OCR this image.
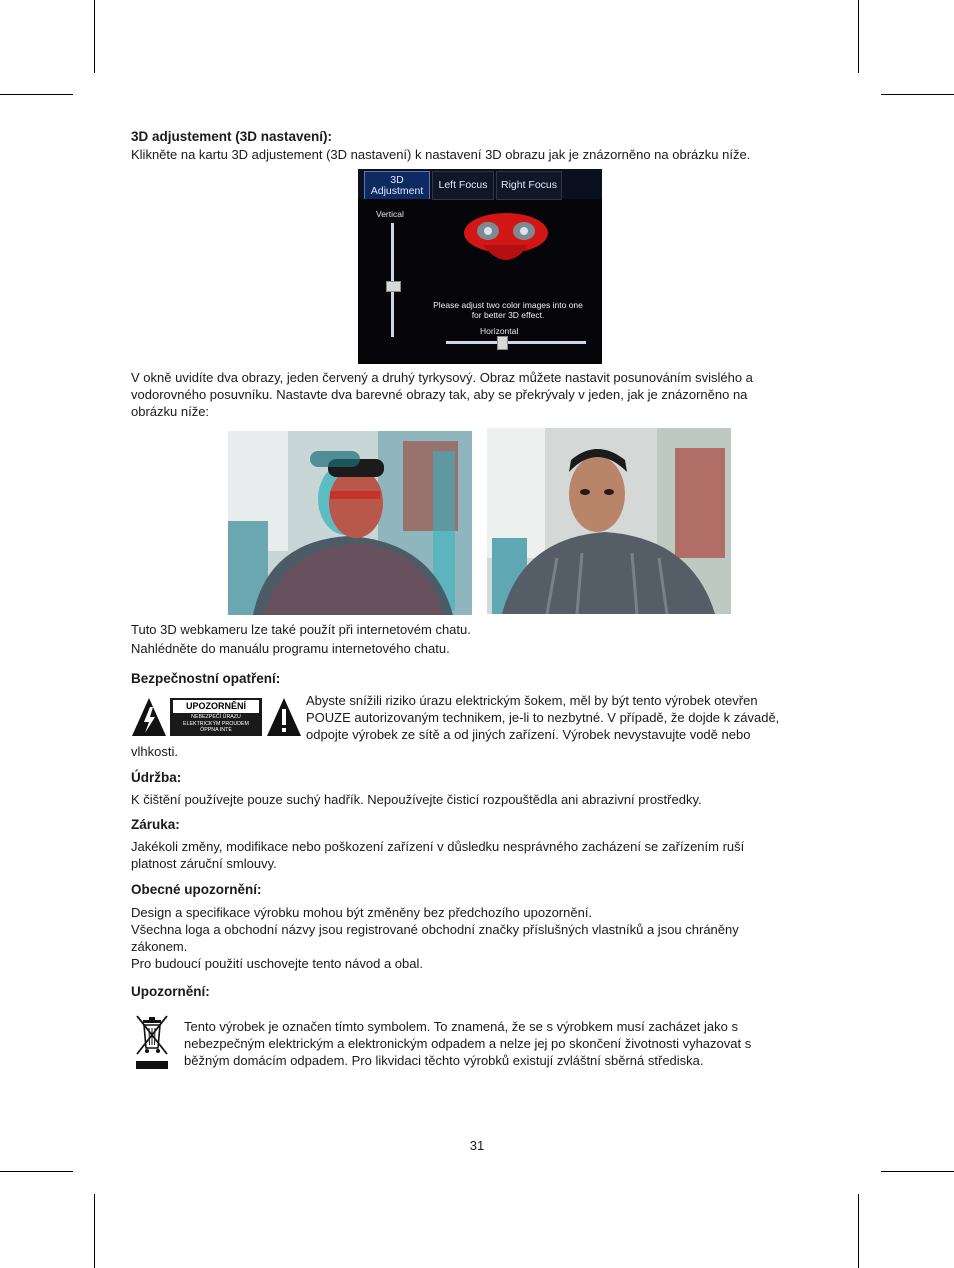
3D adjustement (3D nastavení):
Klikněte na kartu 3D adjustement (3D nastavení) k nastavení 3D obrazu jak je znázorněno na obrázku níže.
3D
Adjustment	Left Focus	Right Focus
Vertical
Please adjust two color images into one
for better 3D effect.
Horizontal
V okně uvidíte dva obrazy, jeden červený a druhý tyrkysový. Obraz můžete nastavit posunováním svislého a
vodorovného posuvníku. Nastavte dva barevné obrazy tak, aby se překrývaly v jeden, jak je znázorněno na
obrázku níže:
Tuto 3D webkameru lze také použít při internetovém chatu.
Nahlédněte do manuálu programu internetového chatu.
Bezpečnostní opatření:
UPOZORNĚNÍ
NEBEZPEČÍ ÚRAZU
ELEKTRICKÝM PROUDEM
ÓPPNA INTE
Abyste snížili riziko úrazu elektrickým šokem, měl by být tento výrobek otevřen
POUZE autorizovaným technikem, je-li to nezbytné. V případě, že dojde k závadě,
odpojte výrobek ze sítě a od jiných zařízení. Výrobek nevystavujte vodě nebo
vlhkosti.
Údržba:
K čištění používejte pouze suchý hadřík. Nepoužívejte čisticí rozpouštědla ani abrazivní prostředky.
Záruka:
Jakékoli změny, modifikace nebo poškození zařízení v důsledku nesprávného zacházení se zařízením ruší
platnost záruční smlouvy.
Obecné upozornění:
Design a specifikace výrobku mohou být změněny bez předchozího upozornění.
Všechna loga a obchodní názvy jsou registrované obchodní značky příslušných vlastníků a jsou chráněny
zákonem.
Pro budoucí použití uschovejte tento návod a obal.
Upozornění:
Tento výrobek je označen tímto symbolem. To znamená, že se s výrobkem musí zacházet jako s
nebezpečným elektrickým a elektronickým odpadem a nelze jej po skončení životnosti vyhazovat s
běžným domácím odpadem. Pro likvidaci těchto výrobků existují zvláštní sběrná střediska.
31
